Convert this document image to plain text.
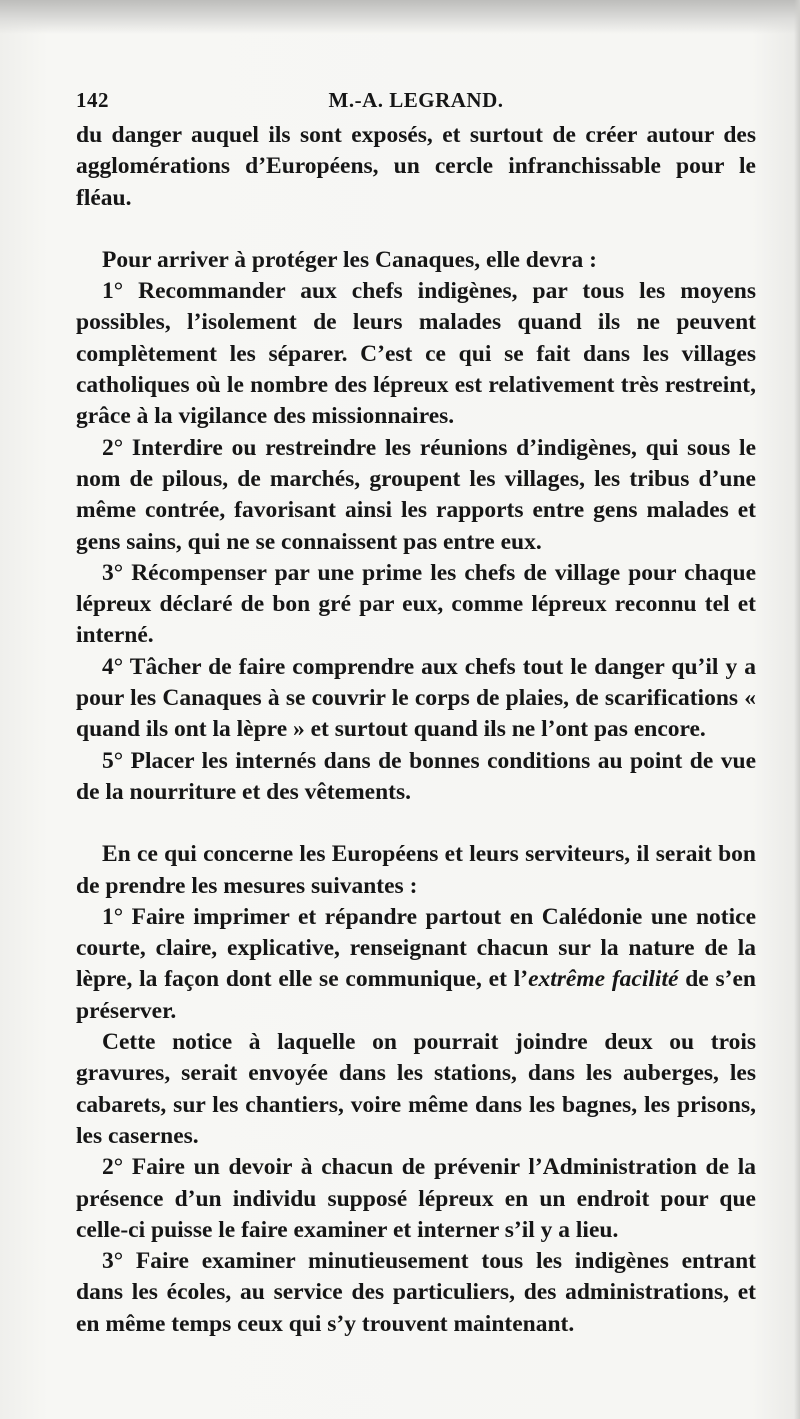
142	M.-A. LEGRAND.

du danger auquel ils sont exposés, et surtout de créer autour des agglomérations d’Européens, un cercle infranchissable pour le fléau.

Pour arriver à protéger les Canaques, elle devra :

1° Recommander aux chefs indigènes, par tous les moyens possibles, l’isolement de leurs malades quand ils ne peuvent complètement les séparer. C’est ce qui se fait dans les villages catholiques où le nombre des lépreux est relativement très restreint, grâce à la vigilance des missionnaires.

2° Interdire ou restreindre les réunions d’indigènes, qui sous le nom de pilous, de marchés, groupent les villages, les tribus d’une même contrée, favorisant ainsi les rapports entre gens malades et gens sains, qui ne se connaissent pas entre eux.

3° Récompenser par une prime les chefs de village pour chaque lépreux déclaré de bon gré par eux, comme lépreux reconnu tel et interné.

4° Tâcher de faire comprendre aux chefs tout le danger qu’il y a pour les Canaques à se couvrir le corps de plaies, de scarifications « quand ils ont la lèpre » et surtout quand ils ne l’ont pas encore.

5° Placer les internés dans de bonnes conditions au point de vue de la nourriture et des vêtements.

En ce qui concerne les Européens et leurs serviteurs, il serait bon de prendre les mesures suivantes :

1° Faire imprimer et répandre partout en Calédonie une notice courte, claire, explicative, renseignant chacun sur la nature de la lèpre, la façon dont elle se communique, et l’extrême facilité de s’en préserver.

Cette notice à laquelle on pourrait joindre deux ou trois gravures, serait envoyée dans les stations, dans les auberges, les cabarets, sur les chantiers, voire même dans les bagnes, les prisons, les casernes.

2° Faire un devoir à chacun de prévenir l’Administration de la présence d’un individu supposé lépreux en un endroit pour que celle-ci puisse le faire examiner et interner s’il y a lieu.

3° Faire examiner minutieusement tous les indigènes entrant dans les écoles, au service des particuliers, des administrations, et en même temps ceux qui s’y trouvent maintenant.
